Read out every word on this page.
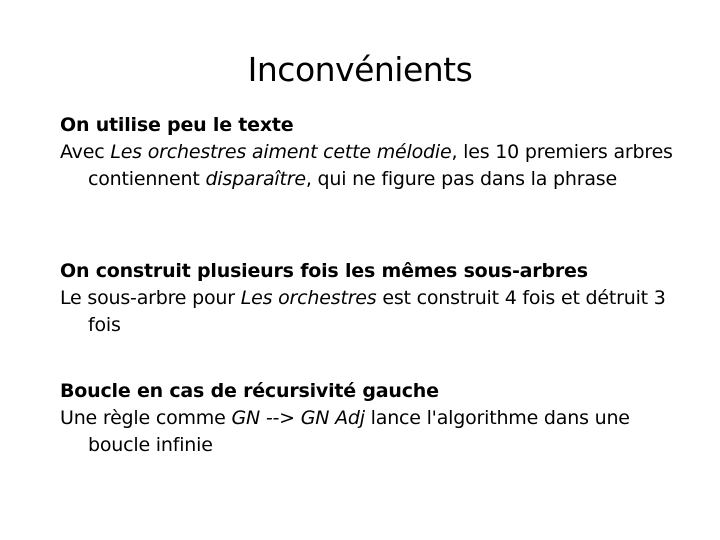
Inconvénients

On utilise peu le texte

Avec Les orchestres aiment cette mélodie, les 10 premiers arbres contiennent disparaître, qui ne figure pas dans la phrase

On construit plusieurs fois les mêmes sous-arbres

Le sous-arbre pour Les orchestres est construit 4 fois et détruit 3 fois

Boucle en cas de récursivité gauche

Une règle comme GN --> GN Adj lance l'algorithme dans une boucle infinie
